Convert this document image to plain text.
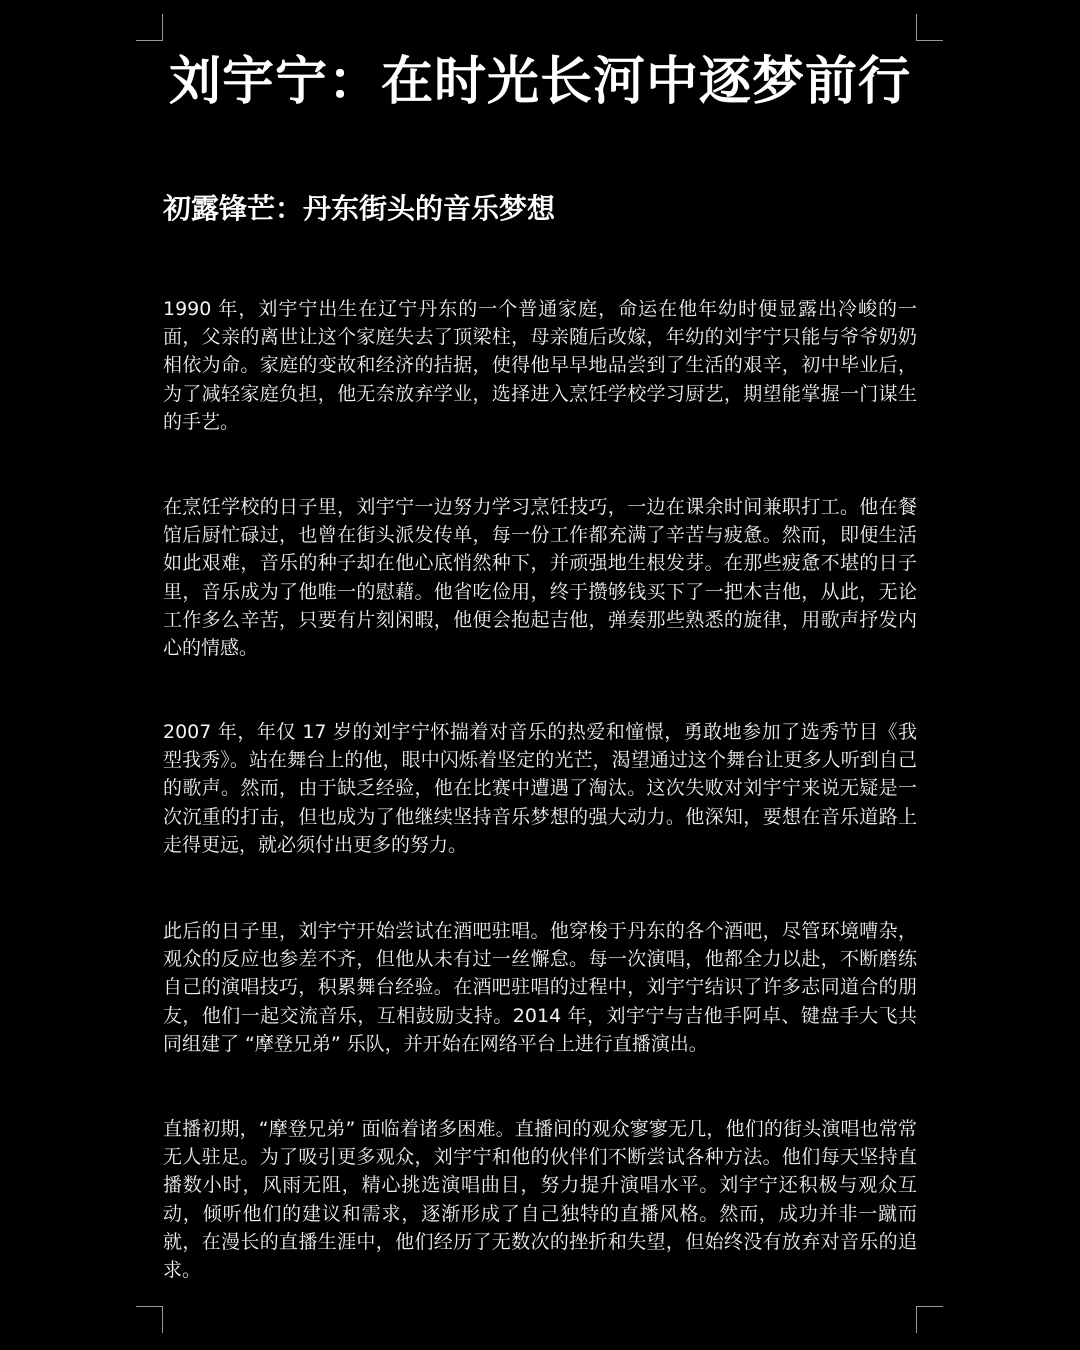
刘宇宁：在时光长河中逐梦前行
初露锋芒：丹东街头的音乐梦想

1990 年，刘宇宁出生在辽宁丹东的一个普通家庭，命运在他年幼时便显露出冷峻的一面，父亲的离世让这个家庭失去了顶梁柱，母亲随后改嫁，年幼的刘宇宁只能与爷爷奶奶相依为命。家庭的变故和经济的拮据，使得他早早地品尝到了生活的艰辛，初中毕业后，为了减轻家庭负担，他无奈放弃学业，选择进入烹饪学校学习厨艺，期望能掌握一门谋生的手艺。

在烹饪学校的日子里，刘宇宁一边努力学习烹饪技巧，一边在课余时间兼职打工。他在餐馆后厨忙碌过，也曾在街头派发传单，每一份工作都充满了辛苦与疲惫。然而，即便生活如此艰难，音乐的种子却在他心底悄然种下，并顽强地生根发芽。在那些疲惫不堪的日子里，音乐成为了他唯一的慰藉。他省吃俭用，终于攒够钱买下了一把木吉他，从此，无论工作多么辛苦，只要有片刻闲暇，他便会抱起吉他，弹奏那些熟悉的旋律，用歌声抒发内心的情感。

2007 年，年仅 17 岁的刘宇宁怀揣着对音乐的热爱和憧憬，勇敢地参加了选秀节目《我型我秀》。站在舞台上的他，眼中闪烁着坚定的光芒，渴望通过这个舞台让更多人听到自己的歌声。然而，由于缺乏经验，他在比赛中遭遇了淘汰。这次失败对刘宇宁来说无疑是一次沉重的打击，但也成为了他继续坚持音乐梦想的强大动力。他深知，要想在音乐道路上走得更远，就必须付出更多的努力。

此后的日子里，刘宇宁开始尝试在酒吧驻唱。他穿梭于丹东的各个酒吧，尽管环境嘈杂，观众的反应也参差不齐，但他从未有过一丝懈怠。每一次演唱，他都全力以赴，不断磨练自己的演唱技巧，积累舞台经验。在酒吧驻唱的过程中，刘宇宁结识了许多志同道合的朋友，他们一起交流音乐，互相鼓励支持。2014 年，刘宇宁与吉他手阿卓、键盘手大飞共同组建了 “摩登兄弟” 乐队，并开始在网络平台上进行直播演出。

直播初期，“摩登兄弟” 面临着诸多困难。直播间的观众寥寥无几，他们的街头演唱也常常无人驻足。为了吸引更多观众，刘宇宁和他的伙伴们不断尝试各种方法。他们每天坚持直播数小时，风雨无阻，精心挑选演唱曲目，努力提升演唱水平。刘宇宁还积极与观众互动，倾听他们的建议和需求，逐渐形成了自己独特的直播风格。然而，成功并非一蹴而就，在漫长的直播生涯中，他们经历了无数次的挫折和失望，但始终没有放弃对音乐的追求。
